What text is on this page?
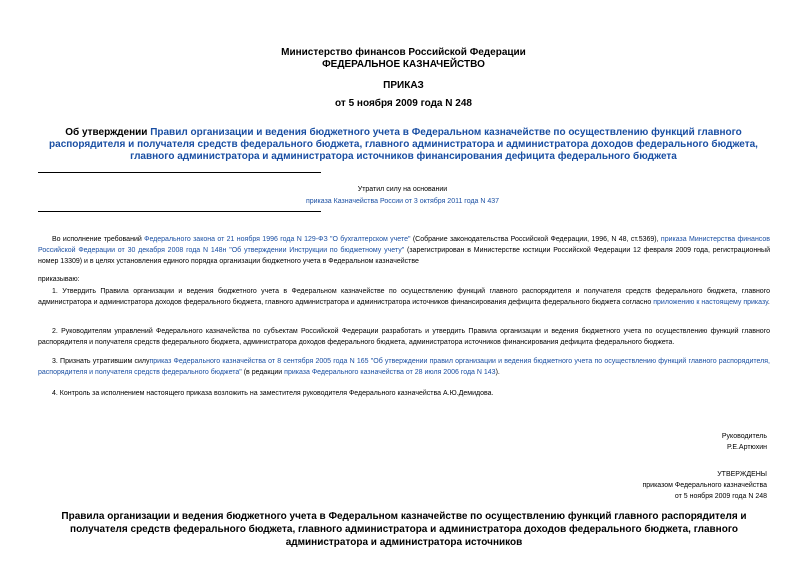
Министерство финансов Российской Федерации
ФЕДЕРАЛЬНОЕ КАЗНАЧЕЙСТВО
ПРИКАЗ
от 5 ноября 2009 года N 248
Об утверждении Правил организации и ведения бюджетного учета в Федеральном казначействе по осуществлению функций главного распорядителя и получателя средств федерального бюджета, главного администратора и администратора доходов федерального бюджета, главного администратора и администратора источников финансирования дефицита федерального бюджета
Утратил силу на основании
приказа Казначейства России от 3 октября 2011 года N 437
Во исполнение требований Федерального закона от 21 ноября 1996 года N 129-ФЗ "О бухгалтерском учете" (Собрание законодательства Российской Федерации, 1996, N 48, ст.5369), приказа Министерства финансов Российской Федерации от 30 декабря 2008 года N 148н "Об утверждении Инструкции по бюджетному учету" (зарегистрирован в Министерстве юстиции Российской Федерации 12 февраля 2009 года, регистрационный номер 13309) и в целях установления единого порядка организации бюджетного учета в Федеральном казначействе
приказываю:
1. Утвердить Правила организации и ведения бюджетного учета в Федеральном казначействе по осуществлению функций главного распорядителя и получателя средств федерального бюджета, главного администратора и администратора доходов федерального бюджета, главного администратора и администратора источников финансирования дефицита федерального бюджета согласно приложению к настоящему приказу.
2. Руководителям управлений Федерального казначейства по субъектам Российской Федерации разработать и утвердить Правила организации и ведения бюджетного учета по осуществлению функций главного распорядителя и получателя средств федерального бюджета, администратора доходов федерального бюджета, администратора источников финансирования дефицита федерального бюджета.
3. Признать утратившим силуприказ Федерального казначейства от 8 сентября 2005 года N 165 "Об утверждении правил организации и ведения бюджетного учета по осуществлению функций главного распорядителя, распорядителя и получателя средств федерального бюджета" (в редакции приказа Федерального казначейства от 28 июля 2006 года N 143).
4. Контроль за исполнением настоящего приказа возложить на заместителя руководителя Федерального казначейства А.Ю.Демидова.
Руководитель
Р.Е.Артюхин
УТВЕРЖДЕНЫ
приказом Федерального казначейства
от 5 ноября 2009 года N 248
Правила организации и ведения бюджетного учета в Федеральном казначействе по осуществлению функций главного распорядителя и получателя средств федерального бюджета, главного администратора и администратора доходов федерального бюджета, главного администратора и администратора источников
